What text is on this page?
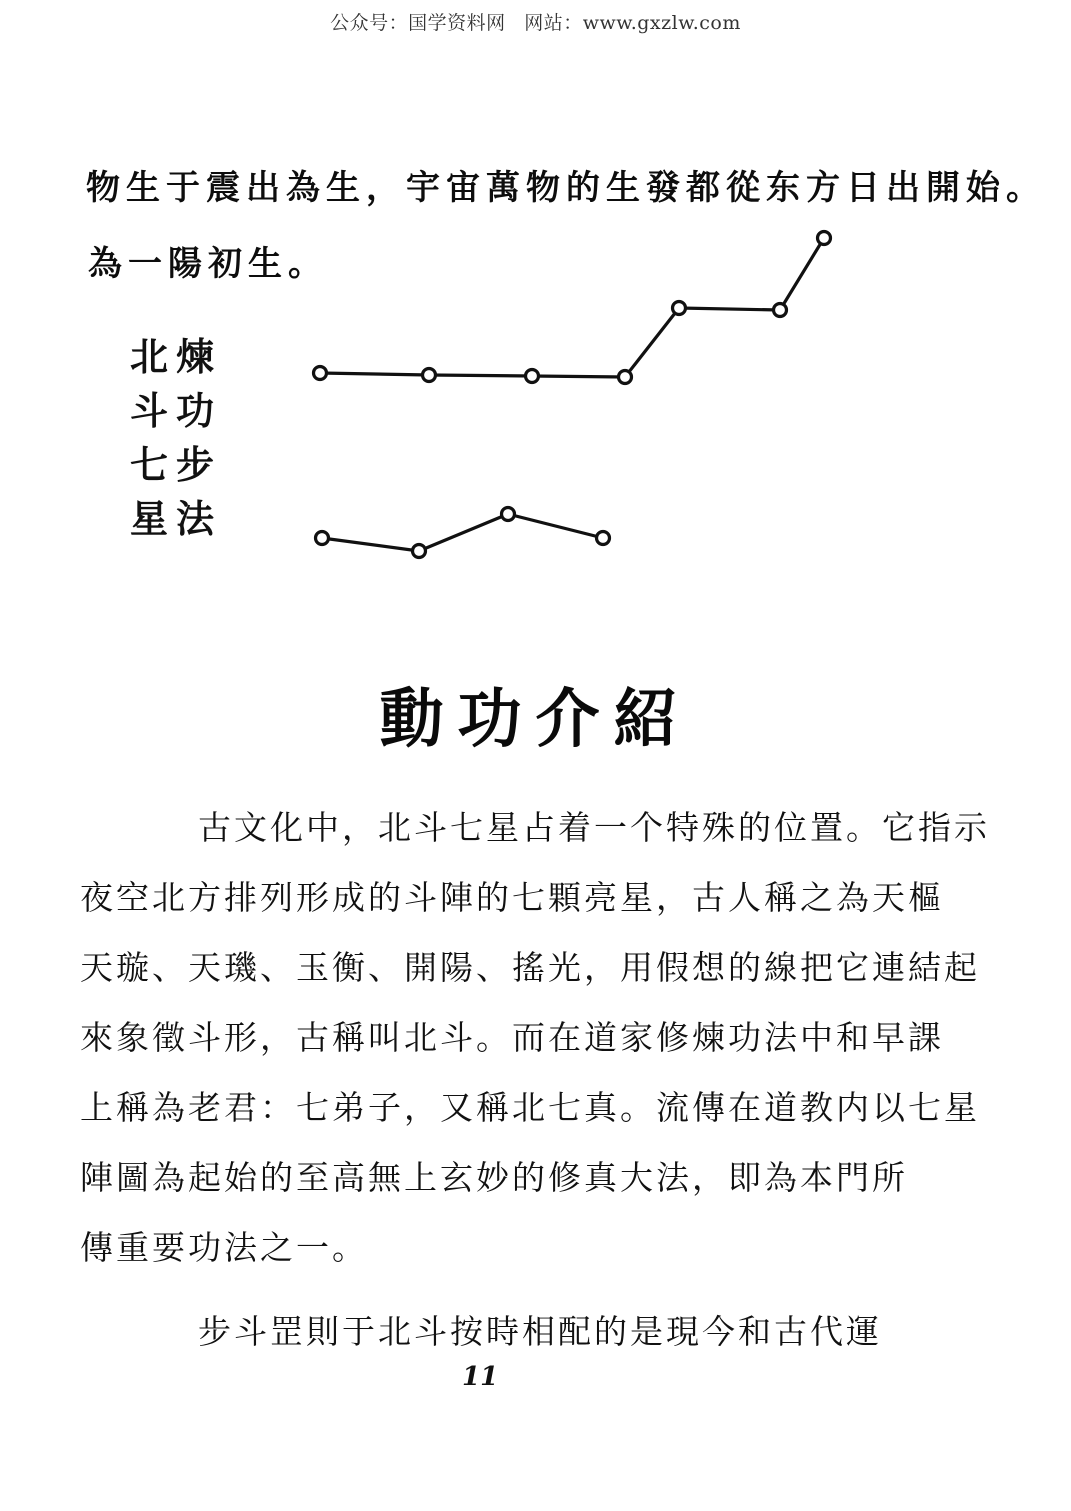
公众号：国学资料网 网站：www.gxzlw.com
物生于震出為生，宇宙萬物的生發都從东方日出開始。
為一陽初生。
北
斗
七
星
煉
功
步
法
動功介紹
古文化中，北斗七星占着一个特殊的位置。它指示
夜空北方排列形成的斗陣的七顆亮星，古人稱之為天樞
天璇、天璣、玉衡、開陽、搖光，用假想的線把它連結起
來象徵斗形，古稱叫北斗。而在道家修煉功法中和早課
上稱為老君：七弟子，又稱北七真。流傳在道教内以七星
陣圖為起始的至高無上玄妙的修真大法，即為本門所
傳重要功法之一。
步斗罡則于北斗按時相配的是現今和古代運
11
